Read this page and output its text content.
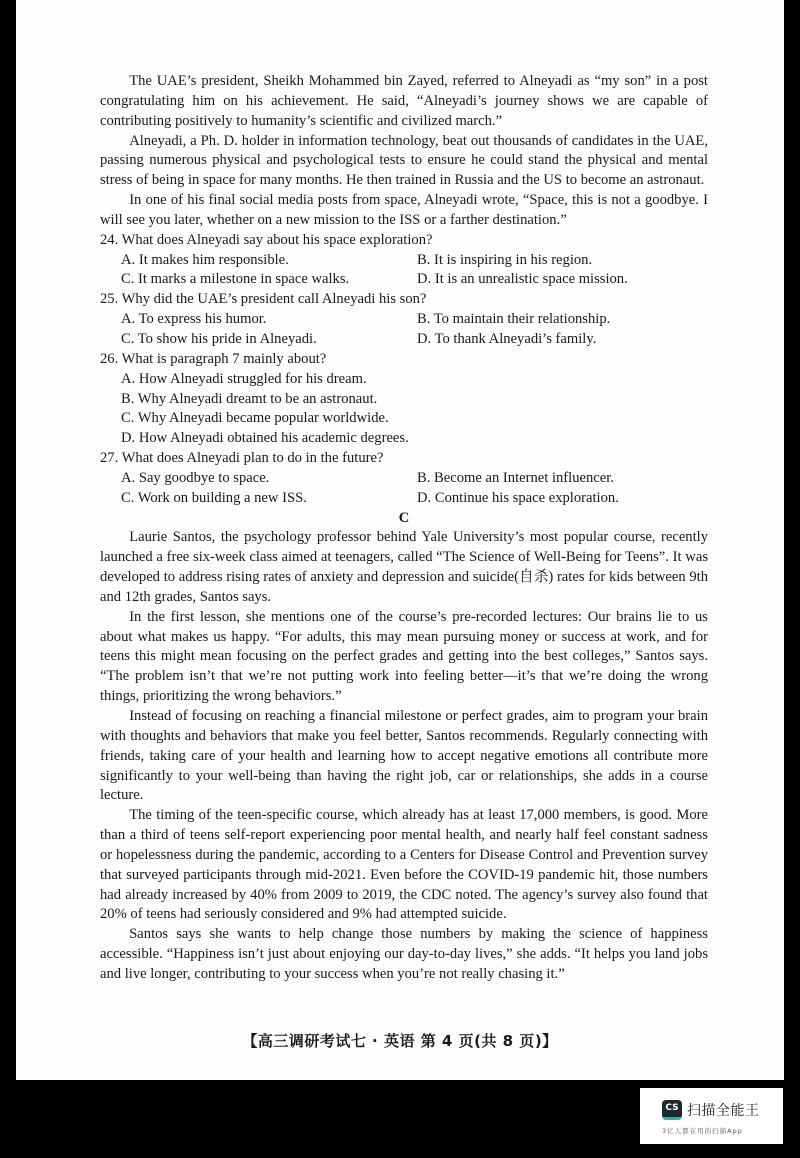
The UAE’s president, Sheikh Mohammed bin Zayed, referred to Alneyadi as “my son” in a post congratulating him on his achievement. He said, “Alneyadi’s journey shows we are capable of contributing positively to humanity’s scientific and civilized march.”

Alneyadi, a Ph. D. holder in information technology, beat out thousands of candidates in the UAE, passing numerous physical and psychological tests to ensure he could stand the physical and mental stress of being in space for many months. He then trained in Russia and the US to become an astronaut.

In one of his final social media posts from space, Alneyadi wrote, “Space, this is not a goodbye. I will see you later, whether on a new mission to the ISS or a farther destination.”

24. What does Alneyadi say about his space exploration?

A. It makes him responsible.	B. It is inspiring in his region.
C. It marks a milestone in space walks.	D. It is an unrealistic space mission.

25. Why did the UAE’s president call Alneyadi his son?

A. To express his humor.	B. To maintain their relationship.
C. To show his pride in Alneyadi.	D. To thank Alneyadi’s family.

26. What is paragraph 7 mainly about?

A. How Alneyadi struggled for his dream.
B. Why Alneyadi dreamt to be an astronaut.
C. Why Alneyadi became popular worldwide.
D. How Alneyadi obtained his academic degrees.

27. What does Alneyadi plan to do in the future?

A. Say goodbye to space.	B. Become an Internet influencer.
C. Work on building a new ISS.	D. Continue his space exploration.

C

Laurie Santos, the psychology professor behind Yale University’s most popular course, recently launched a free six-week class aimed at teenagers, called “The Science of Well-Being for Teens”. It was developed to address rising rates of anxiety and depression and suicide(自杀) rates for kids between 9th and 12th grades, Santos says.

In the first lesson, she mentions one of the course’s pre-recorded lectures: Our brains lie to us about what makes us happy. “For adults, this may mean pursuing money or success at work, and for teens this might mean focusing on the perfect grades and getting into the best colleges,” Santos says. “The problem isn’t that we’re not putting work into feeling better—it’s that we’re doing the wrong things, prioritizing the wrong behaviors.”

Instead of focusing on reaching a financial milestone or perfect grades, aim to program your brain with thoughts and behaviors that make you feel better, Santos recommends. Regularly connecting with friends, taking care of your health and learning how to accept negative emotions all contribute more significantly to your well-being than having the right job, car or relationships, she adds in a course lecture.

The timing of the teen-specific course, which already has at least 17,000 members, is good. More than a third of teens self-report experiencing poor mental health, and nearly half feel constant sadness or hopelessness during the pandemic, according to a Centers for Disease Control and Prevention survey that surveyed participants through mid-2021. Even before the COVID-19 pandemic hit, those numbers had already increased by 40% from 2009 to 2019, the CDC noted. The agency’s survey also found that 20% of teens had seriously considered and 9% had attempted suicide.

Santos says she wants to help change those numbers by making the science of happiness accessible. “Happiness isn’t just about enjoying our day-to-day lives,” she adds. “It helps you land jobs and live longer, contributing to your success when you’re not really chasing it.”

【高三调研考试七 · 英语 第 4 页(共 8 页)】
CS 扫描全能王
3亿人都在用的扫描App
